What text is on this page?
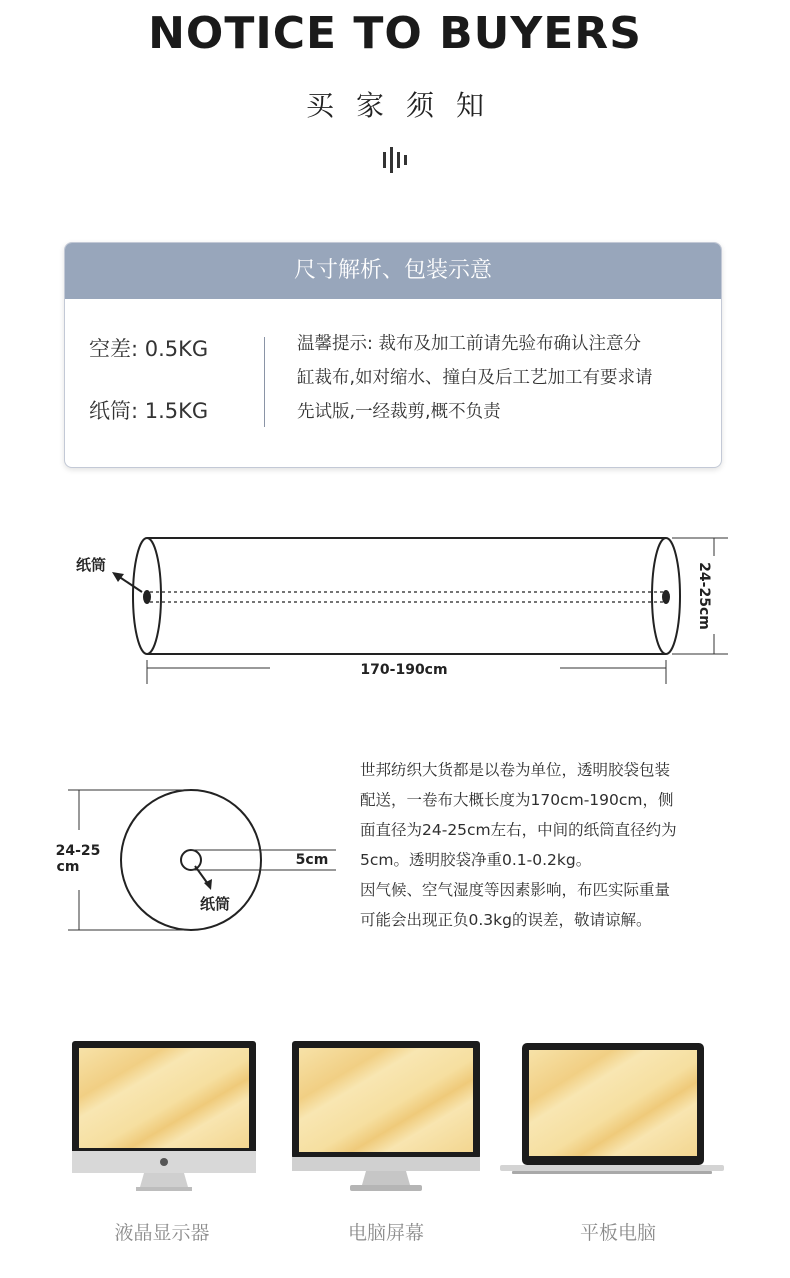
NOTICE TO BUYERS
买家须知
尺寸解析、包装示意
空差: 0.5KG
纸筒: 1.5KG
温馨提示: 裁布及加工前请先验布确认注意分
缸裁布,如对缩水、撞白及后工艺加工有要求请
先试版,一经裁剪,概不负责
纸筒
170-190cm
24-25cm
24-25
cm	5cm
纸筒
世邦纺织大货都是以卷为单位，透明胶袋包装
配送，一卷布大概长度为170cm-190cm，侧
面直径为24-25cm左右，中间的纸筒直径约为
5cm。透明胶袋净重0.1-0.2kg。
因气候、空气湿度等因素影响，布匹实际重量
可能会出现正负0.3kg的误差，敬请谅解。
液晶显示器	电脑屏幕	平板电脑
